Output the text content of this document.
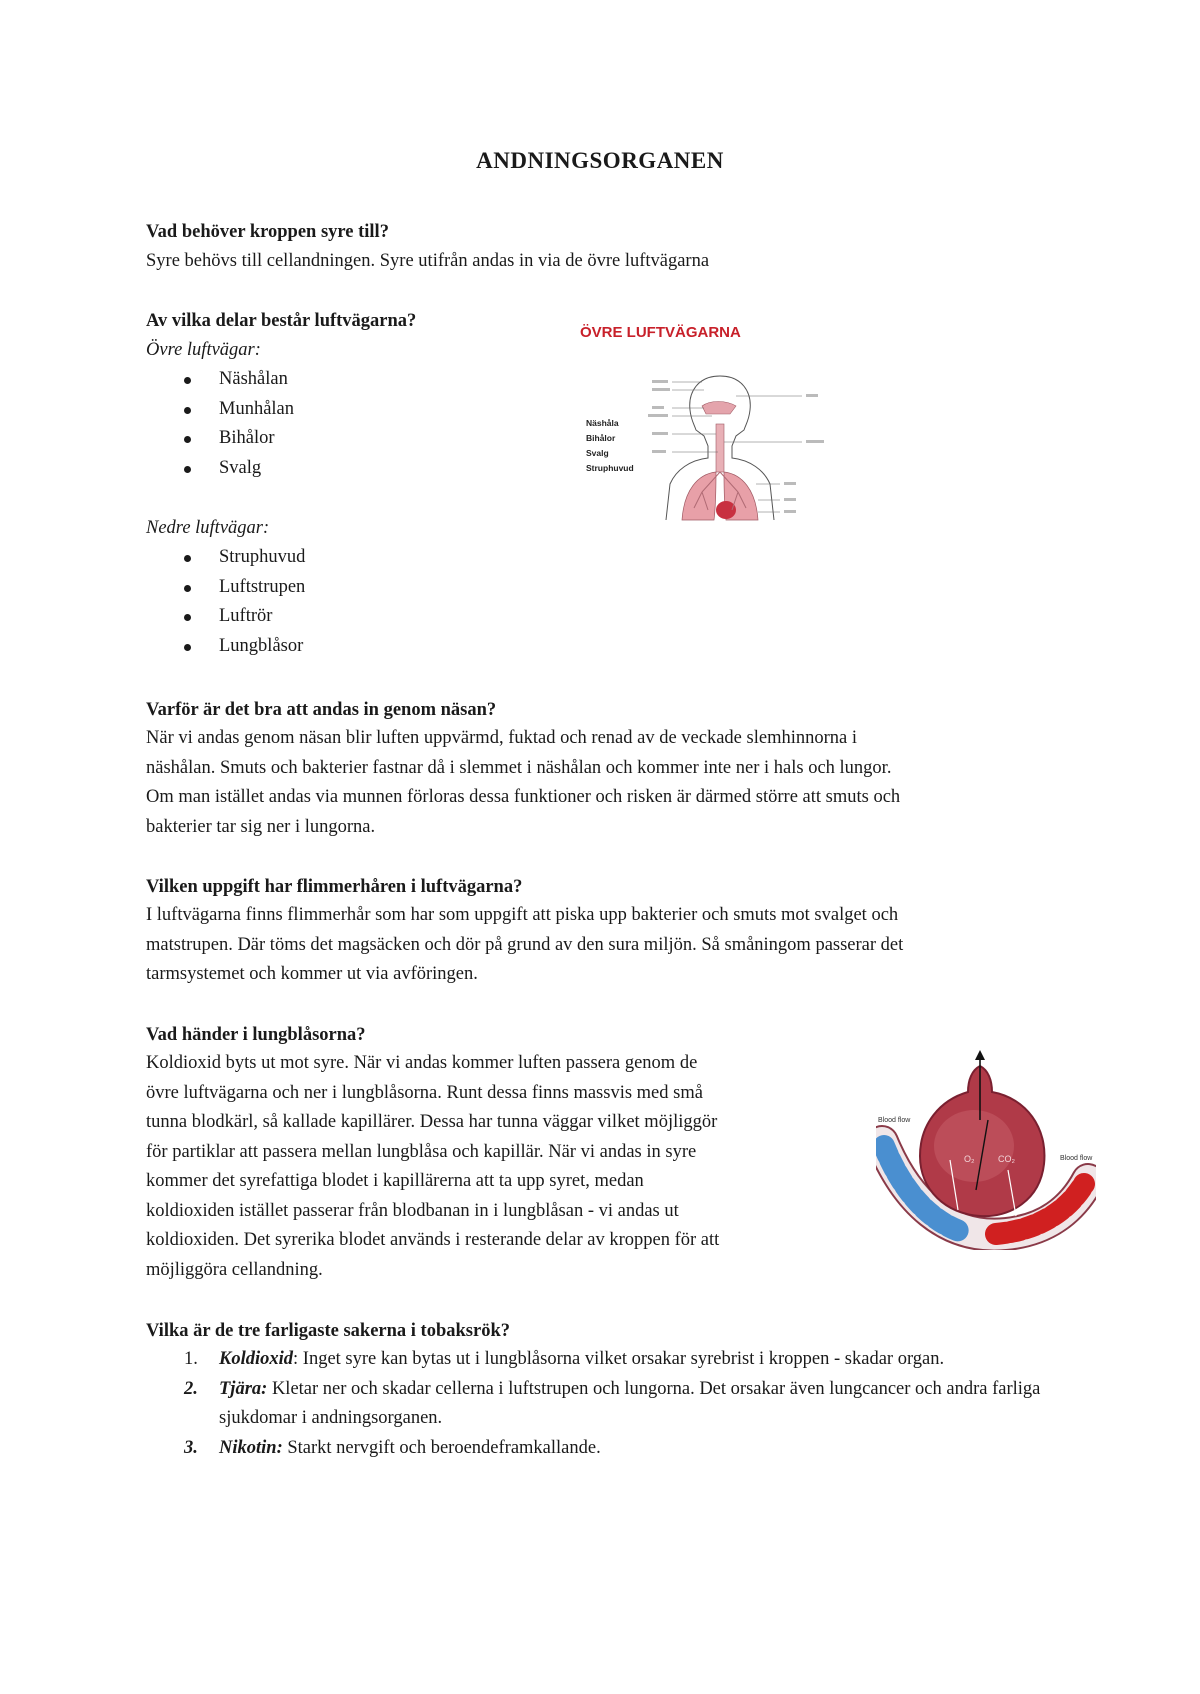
ANDNINGSORGANEN

Vad behöver kroppen syre till?

Syre behövs till cellandningen. Syre utifrån andas in via de övre luftvägarna

Av vilka delar består luftvägarna?

Övre luftvägar:

Näshålan
Munhålan
Bihålor
Svalg

Nedre luftvägar:

Struphuvud
Luftstrupen
Luftrör
Lungblåsor
ÖVRE LUFTVÄGARNA
Näshåla
Bihålor
Svalg
Struphuvud

Varför är det bra att andas in genom näsan?

När vi andas genom näsan blir luften uppvärmd, fuktad och renad av de veckade slemhinnorna i
näshålan. Smuts och bakterier fastnar då i slemmet i näshålan och kommer inte ner i hals och lungor.
Om man istället andas via munnen förloras dessa funktioner och risken är därmed större att smuts och
bakterier tar sig ner i lungorna.

Vilken uppgift har flimmerhåren i luftvägarna?

I luftvägarna finns flimmerhår som har som uppgift att piska upp bakterier och smuts mot svalget och
matstrupen. Där töms det magsäcken och dör på grund av den sura miljön. Så småningom passerar det
tarmsystemet och kommer ut via avföringen.

Vad händer i lungblåsorna?

Koldioxid byts ut mot syre. När vi andas kommer luften passera genom de
övre luftvägarna och ner i lungblåsorna. Runt dessa finns massvis med små
tunna blodkärl, så kallade kapillärer. Dessa har tunna väggar vilket möjliggör
för partiklar att passera mellan lungblåsa och kapillär. När vi andas in syre
kommer det syrefattiga blodet i kapillärerna att ta upp syret, medan
koldioxiden istället passerar från blodbanan in i lungblåsan - vi andas ut
koldioxiden. Det syrerika blodet används i resterande delar av kroppen för att
möjliggöra cellandning.
O₂	CO₂
Blood flow
Blood flow

Vilka är de tre farligaste sakerna i tobaksrök?

1. Koldioxid: Inget syre kan bytas ut i lungblåsorna vilket orsakar syrebrist i kroppen - skadar organ.
2. Tjära: Kletar ner och skadar cellerna i luftstrupen och lungorna. Det orsakar även lungcancer och andra farliga sjukdomar i andningsorganen.
3. Nikotin: Starkt nervgift och beroendeframkallande.
